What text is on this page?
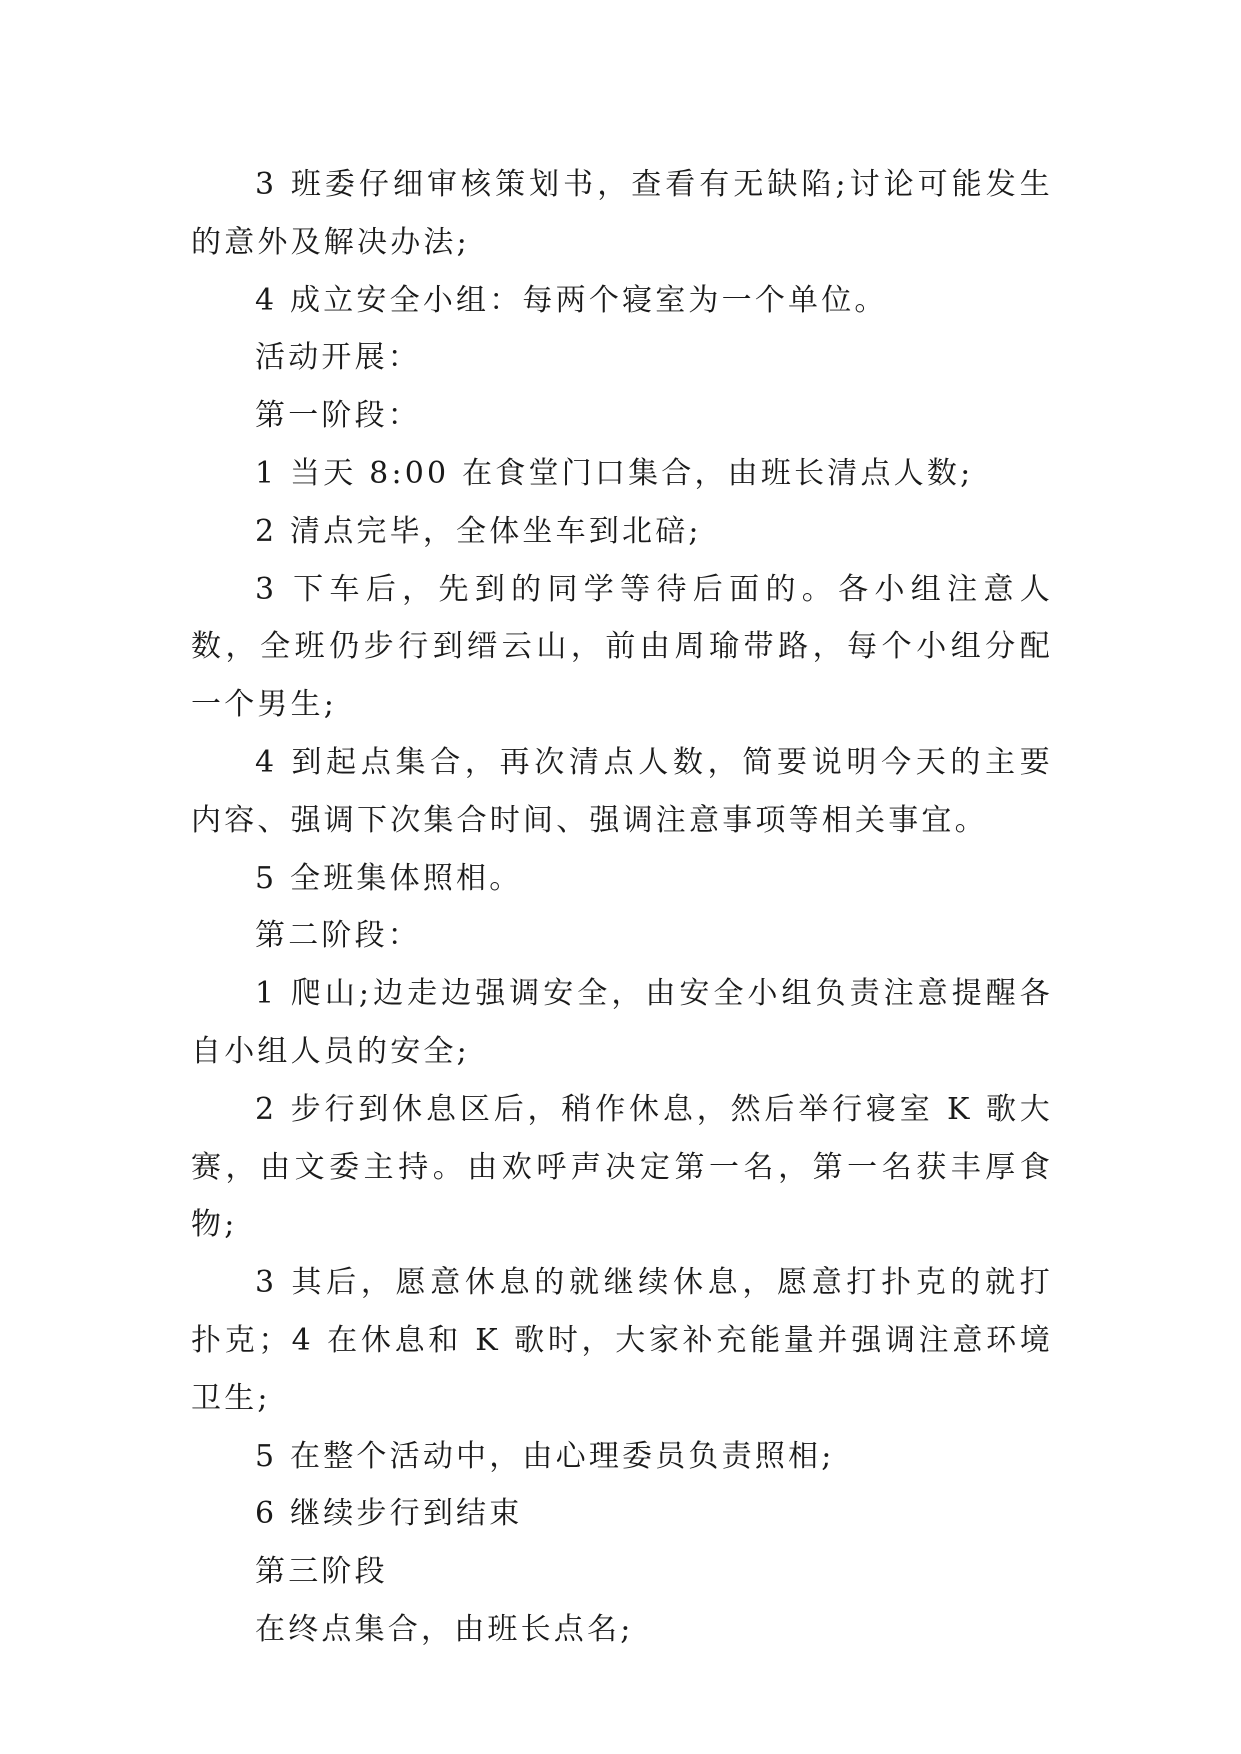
3 班委仔细审核策划书，查看有无缺陷;讨论可能发生的意外及解决办法;

4 成立安全小组：每两个寝室为一个单位。

活动开展：

第一阶段：

1 当天 8:00 在食堂门口集合，由班长清点人数;

2 清点完毕，全体坐车到北碚;

3 下车后，先到的同学等待后面的。各小组注意人数，全班仍步行到缙云山，前由周瑜带路，每个小组分配一个男生;

4 到起点集合，再次清点人数，简要说明今天的主要内容、强调下次集合时间、强调注意事项等相关事宜。

5 全班集体照相。

第二阶段：

1 爬山;边走边强调安全，由安全小组负责注意提醒各自小组人员的安全;

2 步行到休息区后，稍作休息，然后举行寝室 K 歌大赛，由文委主持。由欢呼声决定第一名，第一名获丰厚食物;

3 其后，愿意休息的就继续休息，愿意打扑克的就打扑克；4 在休息和 K 歌时，大家补充能量并强调注意环境卫生;

5 在整个活动中，由心理委员负责照相;

6 继续步行到结束

第三阶段

在终点集合，由班长点名;
